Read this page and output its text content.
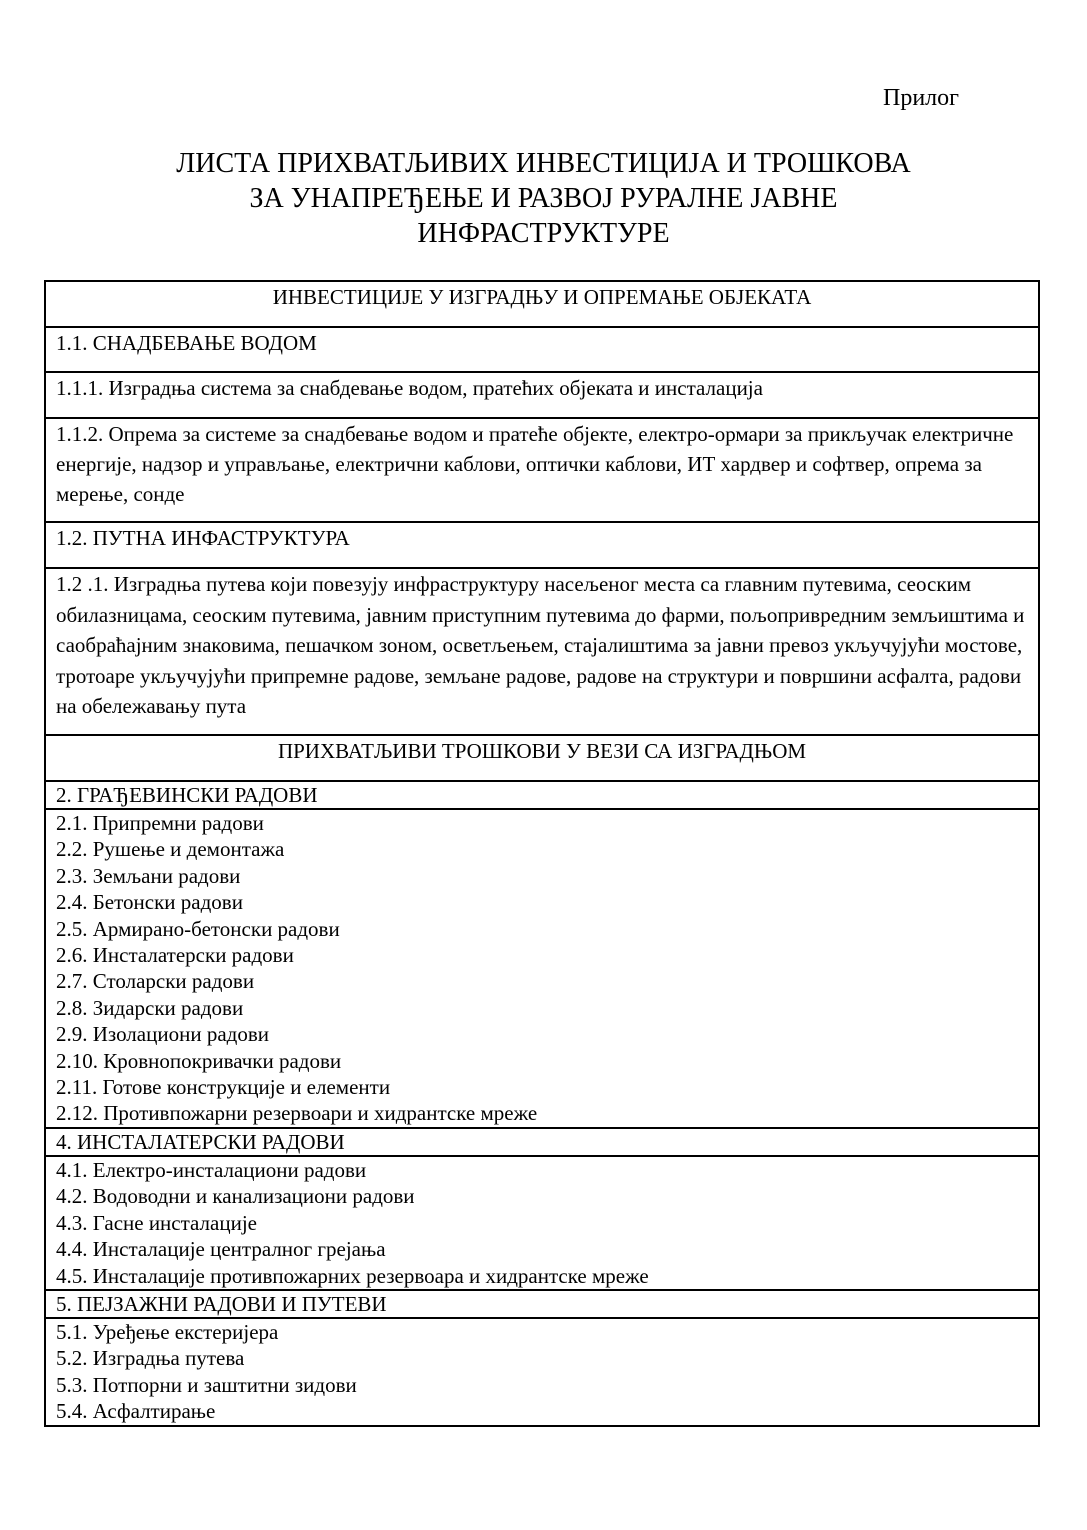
Прилог
ЛИСТА ПРИХВАТЉИВИХ ИНВЕСТИЦИЈА И ТРОШКОВА
ЗА УНАПРЕЂЕЊЕ И РАЗВОЈ РУРАЛНЕ ЈАВНЕ
ИНФРАСТРУКТУРЕ
ИНВЕСТИЦИЈЕ У ИЗГРАДЊУ И ОПРЕМАЊЕ ОБЈЕКАТА
1.1. СНАДБЕВАЊЕ ВОДОМ
1.1.1. Изградња система за снабдевање водом, пратећих објеката и инсталација
1.1.2. Опрема за системе за снадбевање водом и пратеће објекте, електро-ормари за прикључак електричне енергије, надзор и управљање, електрични каблови, оптички каблови, ИТ хардвер и софтвер, опрема за мерење, сонде
1.2. ПУТНА ИНФАСТРУКТУРА
1.2 .1. Изградња путева који повезују инфраструктуру насељеног места са главним путевима, сеоским обилазницама, сеоским путевима, јавним приступним путевима до фарми, пољопривредним земљиштима и саобраћајним знаковима, пешачком зоном, осветљењем, стајалиштима за јавни превоз укључујући мостове, тротоаре укључујући припремне радове, земљане радове, радове на структури и површини асфалта, радови на обележавању пута
ПРИХВАТЉИВИ ТРОШКОВИ У ВЕЗИ СА ИЗГРАДЊОМ
2. ГРАЂЕВИНСКИ РАДОВИ

2.1. Припремни радови
2.2. Рушење и демонтажа
2.3. Земљани радови
2.4. Бетонски радови
2.5. Армирано-бетонски радови
2.6. Инсталатерски радови
2.7. Столарски радови
2.8. Зидарски радови
2.9. Изолациони радови
2.10. Кровнопокривачки радови
2.11. Готове конструкције и елементи
2.12. Противпожарни резервоари и хидрантске мреже

4. ИНСТАЛАТЕРСКИ РАДОВИ

4.1. Електро-инсталациони радови
4.2. Водоводни и канализациони радови
4.3. Гасне инсталације
4.4. Инсталације централног грејања
4.5. Инсталације противпожарних резервоара и хидрантске мреже

5. ПЕЈЗАЖНИ РАДОВИ И ПУТЕВИ

5.1. Уређење екстеријера
5.2. Изградња путева
5.3. Потпорни и заштитни зидови
5.4. Асфалтирање
